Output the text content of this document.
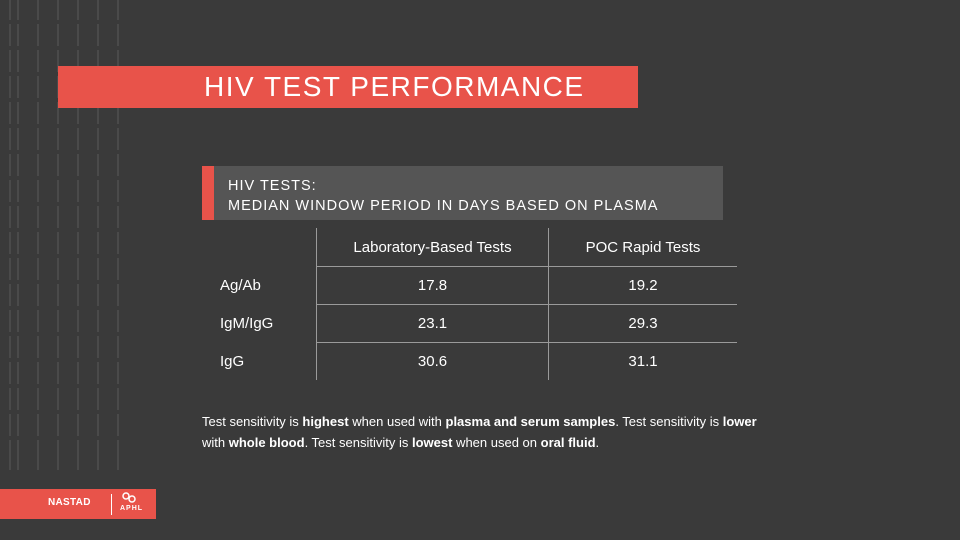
HIV TEST PERFORMANCE
HIV TESTS:
MEDIAN WINDOW PERIOD IN DAYS BASED ON PLASMA
	Laboratory-Based Tests	POC Rapid Tests
Ag/Ab	17.8	19.2
IgM/IgG	23.1	29.3
IgG	30.6	31.1
Test sensitivity is highest when used with plasma and serum samples. Test sensitivity is lower with whole blood. Test sensitivity is lowest when used on oral fluid.
NASTAD
APHL
